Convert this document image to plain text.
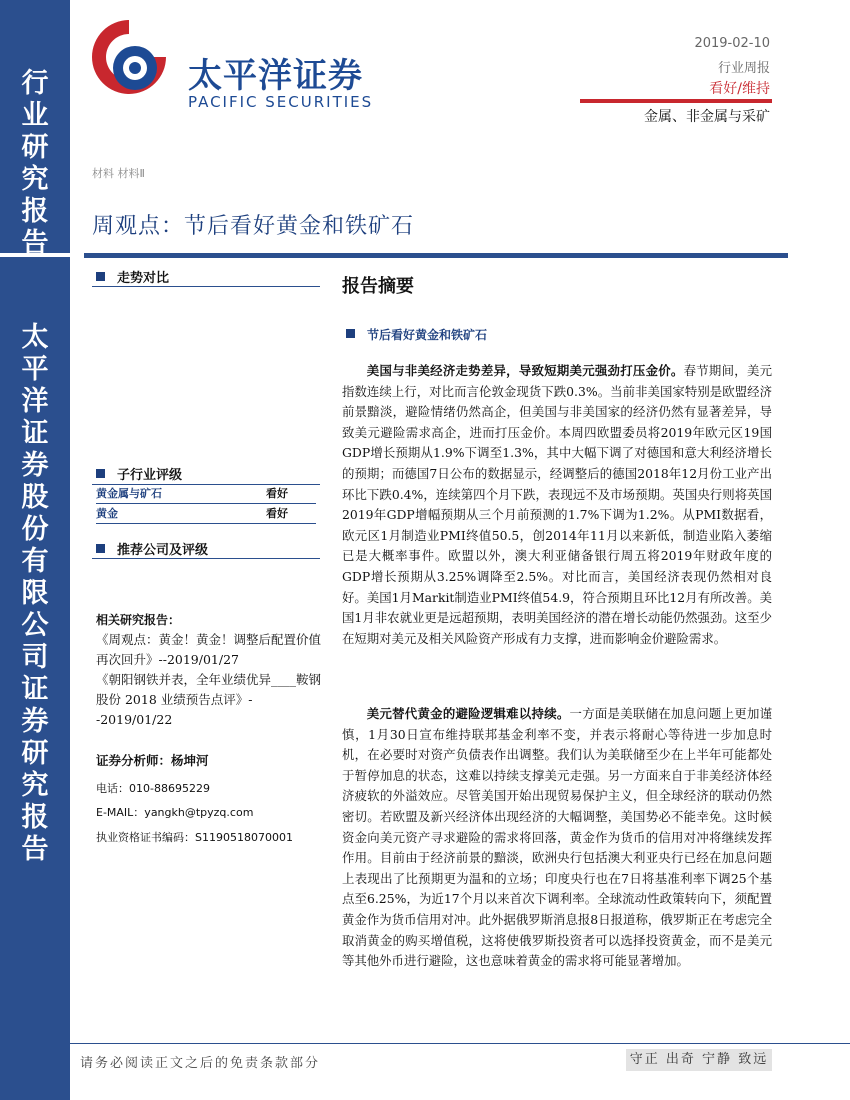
行业研究报告
太平洋证券股份有限公司证券研究报告
太平洋证券
PACIFIC SECURITIES
2019-02-10
行业周报
看好/维持
金属、非金属与采矿
材料 材料Ⅱ
周观点：节后看好黄金和铁矿石
走势对比
子行业评级
黄金属与矿石	看好
黄金	看好
推荐公司及评级
相关研究报告：
《周观点：黄金！黄金！调整后配置价值再次回升》--2019/01/27
《朝阳钢铁并表，全年业绩优异____鞍钢股份 2018 业绩预告点评》--2019/01/22
证券分析师：杨坤河
电话：010-88695229
E-MAIL：yangkh@tpyzq.com
执业资格证书编码：S1190518070001
报告摘要
节后看好黄金和铁矿石
美国与非美经济走势差异，导致短期美元强劲打压金价。春节期间，美元指数连续上行，对比而言伦敦金现货下跌0.3%。当前非美国家特别是欧盟经济前景黯淡，避险情绪仍然高企，但美国与非美国家的经济仍然有显著差异，导致美元避险需求高企，进而打压金价。本周四欧盟委员将2019年欧元区19国GDP增长预期从1.9%下调至1.3%，其中大幅下调了对德国和意大利经济增长的预期；而德国7日公布的数据显示，经调整后的德国2018年12月份工业产出环比下跌0.4%，连续第四个月下跌，表现远不及市场预期。英国央行则将英国2019年GDP增幅预期从三个月前预测的1.7%下调为1.2%。从PMI数据看，欧元区1月制造业PMI终值50.5，创2014年11月以来新低，制造业陷入萎缩已是大概率事件。欧盟以外，澳大利亚储备银行周五将2019年财政年度的GDP增长预期从3.25%调降至2.5%。对比而言，美国经济表现仍然相对良好。美国1月Markit制造业PMI终值54.9，符合预期且环比12月有所改善。美国1月非农就业更是远超预期，表明美国经济的潜在增长动能仍然强劲。这至少在短期对美元及相关风险资产形成有力支撑，进而影响金价避险需求。
美元替代黄金的避险逻辑难以持续。一方面是美联储在加息问题上更加谨慎，1月30日宣布维持联邦基金利率不变，并表示将耐心等待进一步加息时机，在必要时对资产负债表作出调整。我们认为美联储至少在上半年可能都处于暂停加息的状态，这难以持续支撑美元走强。另一方面来自于非美经济体经济疲软的外溢效应。尽管美国开始出现贸易保护主义，但全球经济的联动仍然密切。若欧盟及新兴经济体出现经济的大幅调整，美国势必不能幸免。这时候资金向美元资产寻求避险的需求将回落，黄金作为货币的信用对冲将继续发挥作用。目前由于经济前景的黯淡，欧洲央行包括澳大利亚央行已经在加息问题上表现出了比预期更为温和的立场；印度央行也在7日将基准利率下调25个基点至6.25%，为近17个月以来首次下调利率。全球流动性政策转向下，须配置黄金作为货币信用对冲。此外据俄罗斯消息报8日报道称，俄罗斯正在考虑完全取消黄金的购买增值税，这将使俄罗斯投资者可以选择投资黄金，而不是美元等其他外币进行避险，这也意味着黄金的需求将可能显著增加。
请务必阅读正文之后的免责条款部分	守正 出奇 宁静 致远
